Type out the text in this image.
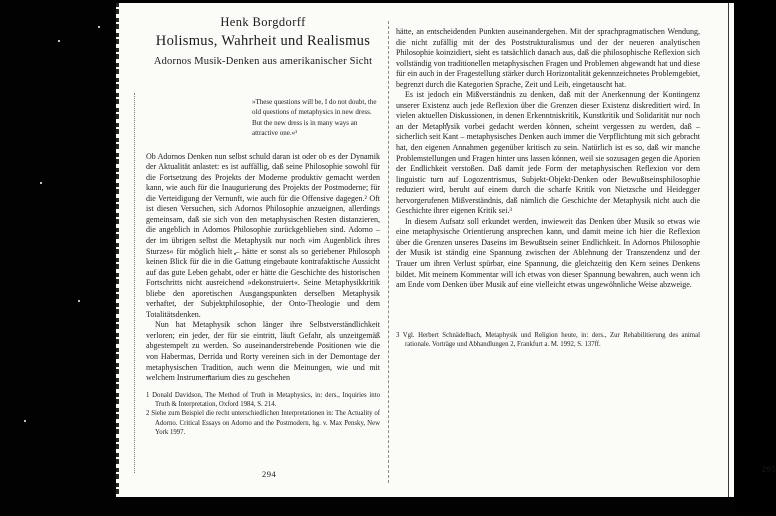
Henk Borgdorff
Holismus, Wahrheit und Realismus
Adornos Musik-Denken aus amerikanischer Sicht
»These questions will be, I do not doubt, the old questions of metaphysics in new dress. But the new dress is in many ways an attractive one.«¹

Ob Adornos Denken nun selbst schuld daran ist oder ob es der Dynamik der Aktualität anlastet: es ist auffällig, daß seine Philosophie sowohl für die Fortsetzung des Projekts der Moderne produktiv gemacht werden kann, wie auch für die Inaugurierung des Projekts der Postmoderne; für die Verteidigung der Vernunft, wie auch für die Offensive dagegen.² Oft ist diesen Versuchen, sich Adornos Philosophie anzueignen, allerdings gemeinsam, daß sie sich von den metaphysischen Resten distanzieren, die angeblich in Adornos Philosophie zurückgeblieben sind. Adorno – der im übrigen selbst die Metaphysik nur noch »im Augenblick ihres Sturzes« für möglich hielt – hätte er sonst als so geriebener Philosoph keinen Blick für die in die Gattung eingebaute kontrafaktische Aussicht auf das gute Leben gehabt, oder er hätte die Geschichte des historischen Fortschritts nicht ausreichend »dekonstruiert«. Seine Metaphysikkritik bliebe den aporetischen Ausgangspunkten derselben Metaphysik verhaftet, der Subjektphilosophie, der Onto-Theologie und dem Totalitätsdenken.

Nun hat Metaphysik schon länger ihre Selbstverständlichkeit verloren; ein jeder, der für sie eintritt, läuft Gefahr, als unzeitgemäß abgestempelt zu werden. So auseinanderstrebende Positionen wie die von Habermas, Derrida und Rorty vereinen sich in der Demontage der metaphysischen Tradition, auch wenn die Meinungen, wie und mit welchem Instrumentarium dies zu geschehen

1 Donald Davidson, The Method of Truth in Metaphysics, in: ders., Inquiries into Truth & Interpretation, Oxford 1984, S. 214.

2 Siehe zum Beispiel die recht unterschiedlichen Interpretationen in: The Actuality of Adorno. Critical Essays on Adorno and the Postmodern, hg. v. Max Pensky, New York 1997.

294

hätte, an entscheidenden Punkten auseinandergehen. Mit der sprachpragmatischen Wendung, die nicht zufällig mit der des Poststrukturalismus und der der neueren analytischen Philosophie koinzidiert, sieht es tatsächlich danach aus, daß die philosophische Reflexion sich vollständig von traditionellen metaphysischen Fragen und Problemen abgewandt hat und diese für ein auch in der Fragestellung stärker durch Horizontalität gekennzeichnetes Problemgebiet, begrenzt durch die Kategorien Sprache, Zeit und Leib, eingetauscht hat.

Es ist jedoch ein Mißverständnis zu denken, daß mit der Anerkennung der Kontingenz unserer Existenz auch jede Reflexion über die Grenzen dieser Existenz diskreditiert wird. In vielen aktuellen Diskussionen, in denen Erkenntniskritik, Kunstkritik und Solidarität nur noch an der Metaphysik vorbei gedacht werden können, scheint vergessen zu werden, daß – sicherlich seit Kant – metaphysisches Denken auch immer die Verpflichtung mit sich gebracht hat, den eigenen Annahmen gegenüber kritisch zu sein. Natürlich ist es so, daß wir manche Problemstellungen und Fragen hinter uns lassen können, weil sie sozusagen gegen die Aporien der Endlichkeit verstoßen. Daß damit jede Form der metaphysischen Reflexion vor dem linguistic turn auf Logozentrismus, Subjekt-Objekt-Denken oder Bewußtseinsphilosophie reduziert wird, beruht auf einem durch die scharfe Kritik von Nietzsche und Heidegger hervorgerufenen Mißverständnis, daß nämlich die Geschichte der Metaphysik nicht auch die Geschichte ihrer eigenen Kritik sei.³

In diesem Aufsatz soll erkundet werden, inwieweit das Denken über Musik so etwas wie eine metaphysische Orientierung ansprechen kann, und damit meine ich hier die Reflexion über die Grenzen unseres Daseins im Bewußtsein seiner Endlichkeit. In Adornos Philosophie der Musik ist ständig eine Spannung zwischen der Ablehnung der Transzendenz und der Trauer um ihren Verlust spürbar, eine Spannung, die gleichzeitig den Kern seines Denkens bildet. Mit meinem Kommentar will ich etwas von dieser Spannung bewahren, auch wenn ich am Ende vom Denken über Musik auf eine vielleicht etwas ungewöhnliche Weise abzweige.

3 Vgl. Herbert Schnädelbach, Metaphysik und Religion heute, in: ders., Zur Rehabilitierung des animal rationale. Vorträge und Abhandlungen 2, Frankfurt a. M. 1992, S. 137ff.

295
